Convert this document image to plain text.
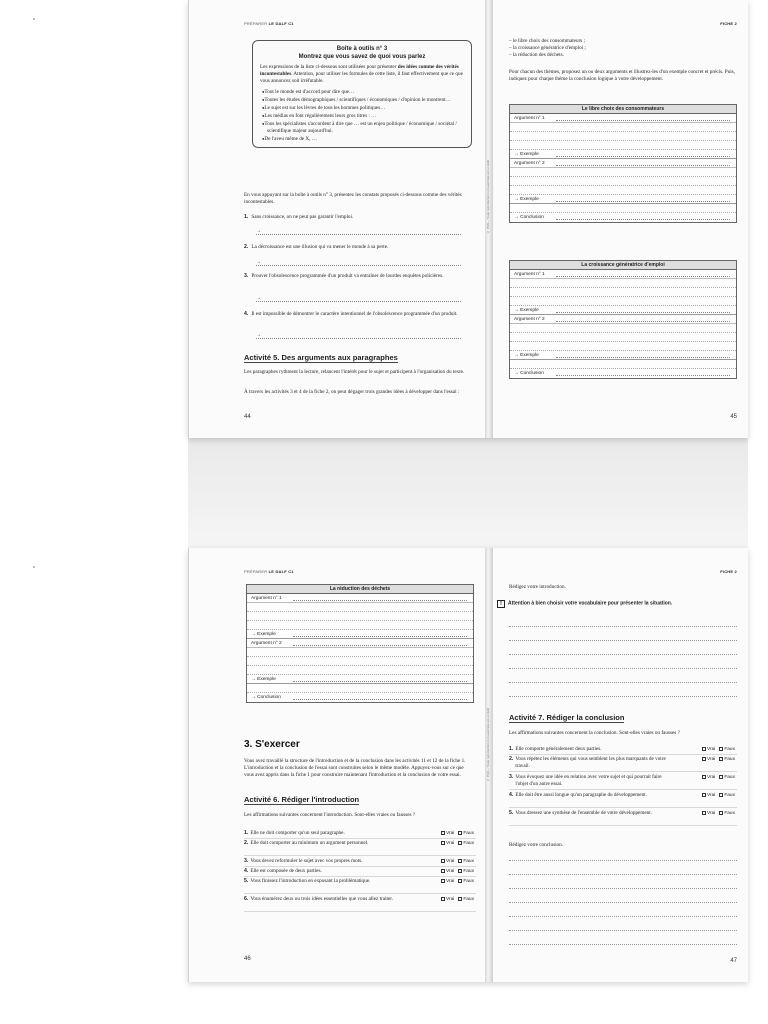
© PUG – Toute reproduction non autorisée est un délit
PRÉPARER LE DALF C1
Boîte à outils n° 3
Montrez que vous savez de quoi vous parlez
Les expressions de la liste ci-dessous sont utilisées pour présenter des idées comme des vérités incontestables. Attention, pour utiliser les formules de cette liste, il faut effectivement que ce que vous annoncez soit irréfutable.
● Tout le monde est d'accord pour dire que…
● Toutes les études démographiques / scientifiques / économiques / d'opinion le montrent…
● Le sujet est sur les lèvres de tous les hommes politiques…
● Les médias en font régulièrement leurs gros titres : …
● Tous les spécialistes s'accordent à dire que … est un enjeu politique / économique / sociétal / scientifique majeur aujourd'hui.
● De l'aveu même de X, …
En vous appuyant sur la boîte à outils n° 3, présentez les constats proposés ci-dessous comme des vérités incontestables.
1. Sans croissance, on ne peut pas garantir l'emploi.
→
2. La décroissance est une illusion qui va mener le monde à sa perte.
→
3. Prouver l'obsolescence programmée d'un produit va entraîner de lourdes enquêtes policières.
→
4. Il est impossible de démontrer le caractère intentionnel de l'obsolescence programmée d'un produit.
→
Activité 5. Des arguments aux paragraphes
Les paragraphes rythment la lecture, relancent l'intérêt pour le sujet et participent à l'organisation du texte.
À travers les activités 3 et 4 de la fiche 2, on peut dégager trois grandes idées à développer dans l'essai :
44
FICHE 2
– le libre choix des consommateurs ;
– la croissance génératrice d'emploi ;
– la réduction des déchets.
Pour chacun des thèmes, proposez un ou deux arguments et illustrez-les d'un exemple concret et précis. Puis, indiquez pour chaque thème la conclusion logique à votre développement.
Le libre choix des consommateurs
Argument n° 1
→ Exemple
Argument n° 2
→ Exemple
→ Conclusion
La croissance génératrice d'emploi
Argument n° 1
→ Exemple
Argument n° 2
→ Exemple
→ Conclusion
45
© PUG – Toute reproduction non autorisée est un délit
PRÉPARER LE DALF C1
La réduction des déchets
Argument n° 1
→ Exemple
Argument n° 2
→ Exemple
→ Conclusion
3. S'exercer
Vous avez travaillé la structure de l'introduction et de la conclusion dans les activités 11 et 12 de la fiche 1. L'introduction et la conclusion de l'essai sont construites selon le même modèle. Appuyez-vous sur ce que vous avez appris dans la fiche 1 pour construire maintenant l'introduction et la conclusion de votre essai.
Activité 6. Rédiger l'introduction
Les affirmations suivantes concernent l'introduction. Sont-elles vraies ou fausses ?
1. Elle ne doit comporter qu'un seul paragraphe.	Vrai Faux
2. Elle doit comporter au minimum un argument personnel.	Vrai Faux
3. Vous devez reformuler le sujet avec vos propres mots.	Vrai Faux
4. Elle est composée de deux parties.	Vrai Faux
5. Vous finissez l'introduction en exposant la problématique.	Vrai Faux
6. Vous énumérez deux ou trois idées essentielles que vous allez traiter.	Vrai Faux
46
FICHE 2
Rédigez votre introduction.
! Attention à bien choisir votre vocabulaire pour présenter la situation.
Activité 7. Rédiger la conclusion
Les affirmations suivantes concernent la conclusion. Sont-elles vraies ou fausses ?
1. Elle comporte généralement deux parties.	Vrai Faux
2. Vous répétez les éléments qui vous semblent les plus marquants de votre travail.
Vrai Faux
3. Vous évoquez une idée en relation avec votre sujet et qui pourrait faire l'objet d'un autre essai.
Vrai Faux
4. Elle doit être aussi longue qu'un paragraphe du développement.	Vrai Faux
5. Vous dressez une synthèse de l'ensemble de votre développement.	Vrai Faux
Rédigez votre conclusion.
47
